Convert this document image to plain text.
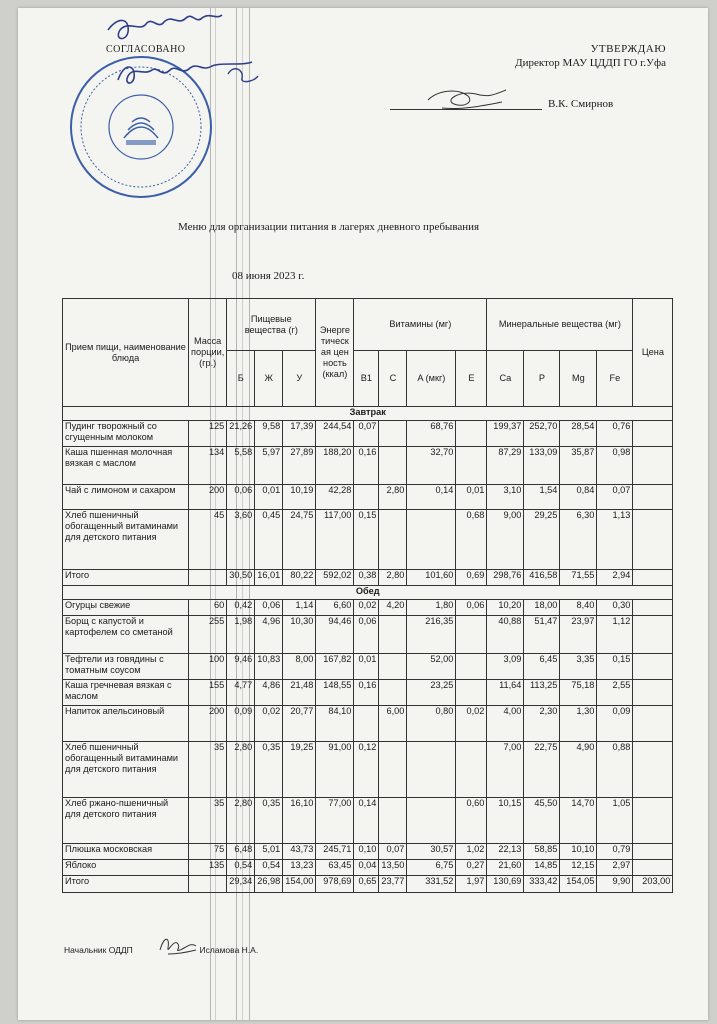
СОГЛАСОВАНО	УТВЕРЖДАЮ
Директор МАУ ЦДДП ГО г.Уфа
В.К. Смирнов
Меню для организации питания в лагерях дневного пребывания
08 июня 2023 г.
Прием пищи, наименование блюда	Масса порции, (гр.)	Пищевые вещества (г)			Энергетическая ценность (ккал)	Витамины (мг)				Минеральные вещества (мг)				Цена
		Б	Ж	У		B1	C	A (мкг)	E	Ca	P	Mg	Fe	
Завтрак														
Пудинг творожный со сгущенным молоком	125	21,26	9,58	17,39	244,54	0,07		68,76		199,37	252,70	28,54	0,76	
Каша пшенная молочная вязкая с маслом	134	5,58	5,97	27,89	188,20	0,16		32,70		87,29	133,09	35,87	0,98	
Чай с лимоном и сахаром	200	0,06	0,01	10,19	42,28		2,80	0,14	0,01	3,10	1,54	0,84	0,07	
Хлеб пшеничный обогащенный витаминами для детского питания	45	3,60	0,45	24,75	117,00	0,15			0,68	9,00	29,25	6,30	1,13	
Итого		30,50	16,01	80,22	592,02	0,38	2,80	101,60	0,69	298,76	416,58	71,55	2,94	
Обед														
Огурцы свежие	60	0,42	0,06	1,14	6,60	0,02	4,20	1,80	0,06	10,20	18,00	8,40	0,30	
Борщ с капустой и картофелем со сметаной	255	1,98	4,96	10,30	94,46	0,06		216,35		40,88	51,47	23,97	1,12	
Тефтели из говядины с томатным соусом	100	9,46	10,83	8,00	167,82	0,01		52,00		3,09	6,45	3,35	0,15	
Каша гречневая вязкая с маслом	155	4,77	4,86	21,48	148,55	0,16		23,25		11,64	113,25	75,18	2,55	
Напиток апельсиновый	200	0,09	0,02	20,77	84,10		6,00	0,80	0,02	4,00	2,30	1,30	0,09	
Хлеб пшеничный обогащенный витаминами для детского питания	35	2,80	0,35	19,25	91,00	0,12				7,00	22,75	4,90	0,88	
Хлеб ржано-пшеничный для детского питания	35	2,80	0,35	16,10	77,00	0,14			0,60	10,15	45,50	14,70	1,05	
Плюшка московская	75	6,48	5,01	43,73	245,71	0,10	0,07	30,57	1,02	22,13	58,85	10,10	0,79	
Яблоко	135	0,54	0,54	13,23	63,45	0,04	13,50	6,75	0,27	21,60	14,85	12,15	2,97	
Итого		29,34	26,98	154,00	978,69	0,65	23,77	331,52	1,97	130,69	333,42	154,05	9,90	203,00
Начальник ОДДП	Исламова Н.А.
